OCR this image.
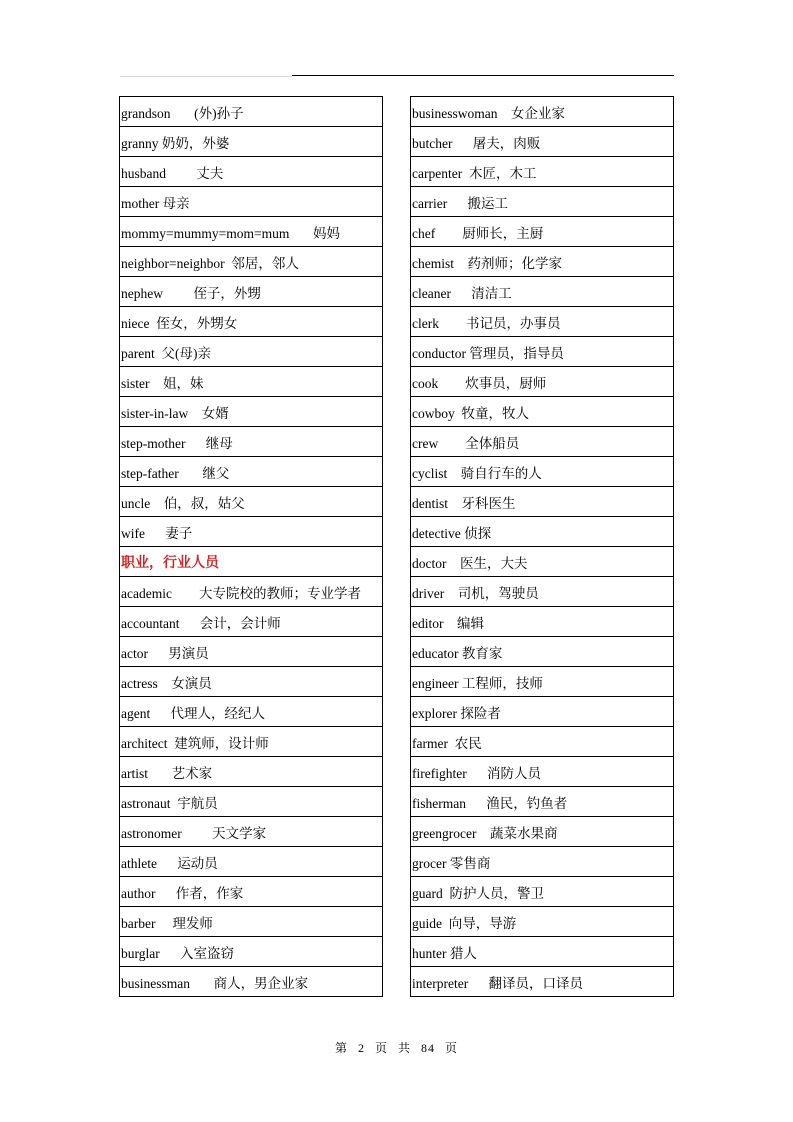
grandson       (外)孙子
granny 奶奶，外婆
husband         丈夫
mother 母亲
mommy=mummy=mom=mum       妈妈
neighbor=neighbor  邻居，邻人
nephew         侄子，外甥
niece  侄女，外甥女
parent  父(母)亲
sister    姐，妹
sister-in-law    女婿
step-mother      继母
step-father       继父
uncle    伯，叔，姑父
wife      妻子
职业，行业人员
academic        大专院校的教师；专业学者
accountant      会计，会计师
actor      男演员
actress    女演员
agent      代理人，经纪人
architect  建筑师，设计师
artist       艺术家
astronaut  宇航员
astronomer         天文学家
athlete      运动员
author      作者，作家
barber     理发师
burglar      入室盗窃
businessman       商人，男企业家
businesswoman    女企业家
butcher      屠夫，肉贩
carpenter  木匠，木工
carrier      搬运工
chef        厨师长，主厨
chemist    药剂师；化学家
cleaner      清洁工
clerk        书记员，办事员
conductor 管理员，指导员
cook        炊事员，厨师
cowboy  牧童，牧人
crew        全体船员
cyclist    骑自行车的人
dentist    牙科医生
detective 侦探
doctor    医生，大夫
driver    司机，驾驶员
editor    编辑
educator 教育家
engineer 工程师，技师
explorer 探险者
farmer  农民
firefighter      消防人员
fisherman      渔民，钓鱼者
greengrocer    蔬菜水果商
grocer 零售商
guard  防护人员，警卫
guide  向导，导游
hunter 猎人
interpreter      翻译员，口译员
第 2 页 共 84 页
